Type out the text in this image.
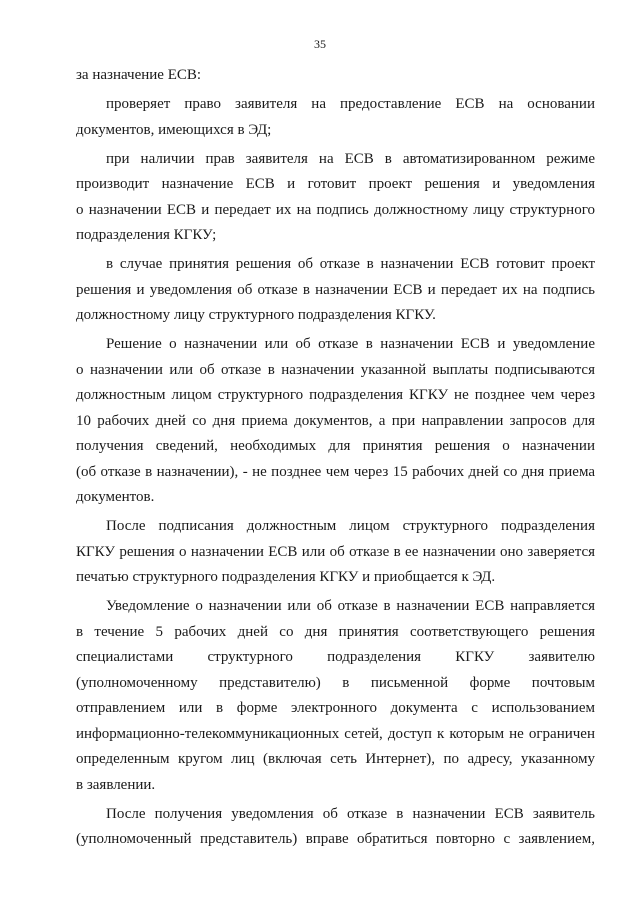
35
за назначение ЕСВ:
проверяет право заявителя на предоставление ЕСВ на основании
документов, имеющихся в ЭД;
при наличии прав заявителя на ЕСВ в автоматизированном режиме
производит назначение ЕСВ и готовит проект решения и уведомления
о назначении ЕСВ и передает их на подпись должностному лицу структурного
подразделения КГКУ;
в случае принятия решения об отказе в назначении ЕСВ готовит проект
решения и уведомления об отказе в назначении ЕСВ и передает их на подпись
должностному лицу структурного подразделения КГКУ.
Решение о назначении или об отказе в назначении ЕСВ и уведомление
о назначении или об отказе в назначении указанной выплаты подписываются
должностным лицом структурного подразделения КГКУ не позднее чем через
10 рабочих дней со дня приема документов, а при направлении запросов для
получения сведений, необходимых для принятия решения о назначении
(об отказе в назначении), - не позднее чем через 15 рабочих дней со дня приема
документов.
После подписания должностным лицом структурного подразделения
КГКУ решения о назначении ЕСВ или об отказе в ее назначении оно заверяется
печатью структурного подразделения КГКУ и приобщается к ЭД.
Уведомление о назначении или об отказе в назначении ЕСВ направляется
в течение 5 рабочих дней со дня принятия соответствующего решения
специалистами структурного подразделения КГКУ заявителю
(уполномоченному представителю) в письменной форме почтовым
отправлением или в форме электронного документа с использованием
информационно-телекоммуникационных сетей, доступ к которым не ограничен
определенным кругом лиц (включая сеть Интернет), по адресу, указанному
в заявлении.
После получения уведомления об отказе в назначении ЕСВ заявитель
(уполномоченный представитель) вправе обратиться повторно с заявлением,
